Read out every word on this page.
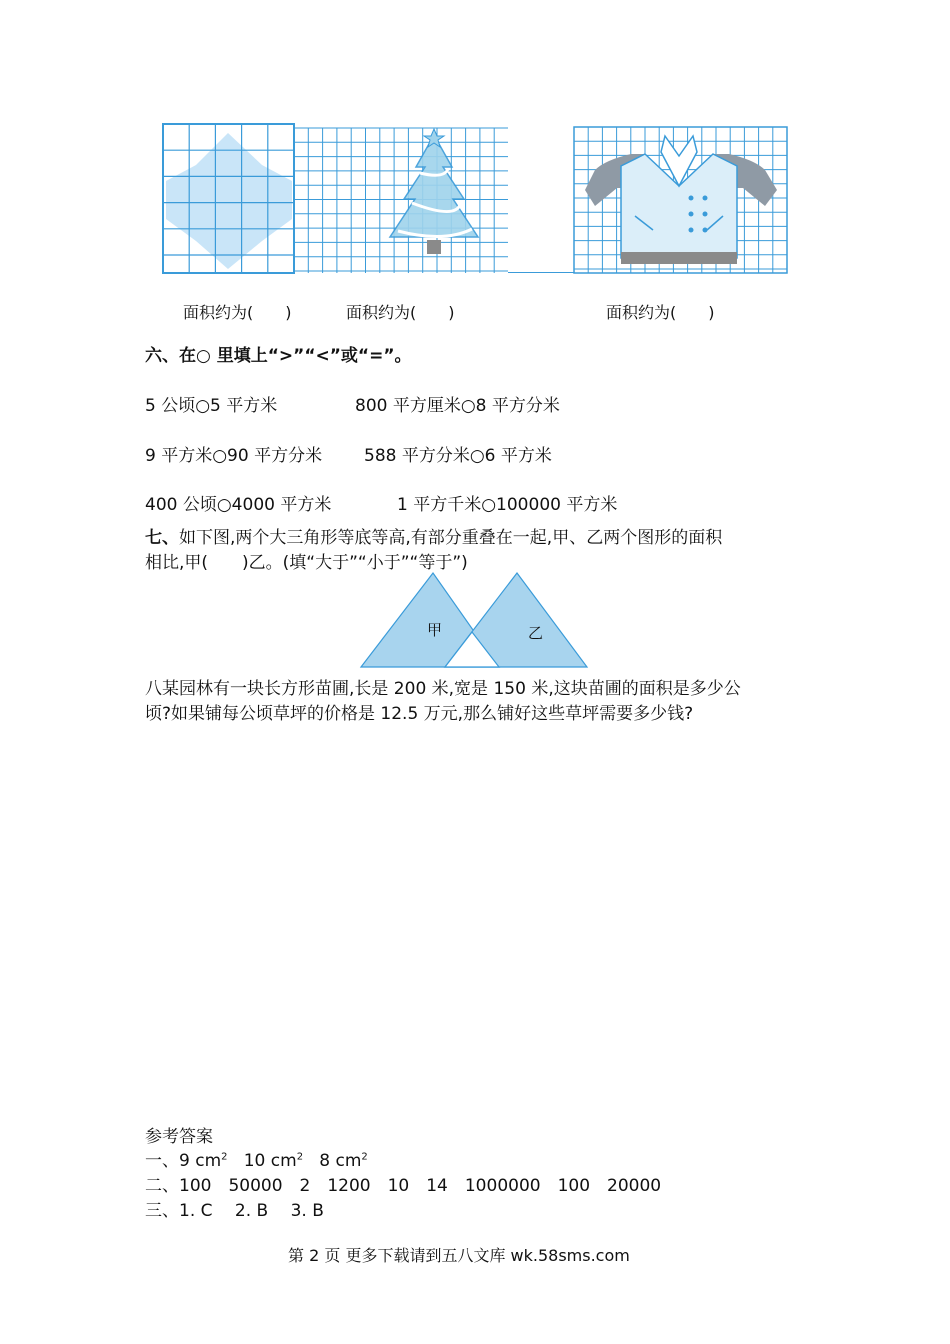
面积约为(　　)	面积约为(　　)	面积约为(　　)
六、在○ 里填上“>”“<”或“=”。
5 公顷○5 平方米	800 平方厘米○8 平方分米
9 平方米○90 平方分米 588 平方分米○6 平方米
400 公顷○4000 平方米	1 平方千米○100000 平方米
七、如下图,两个大三角形等底等高,有部分重叠在一起,甲、乙两个图形的面积
相比,甲(　　)乙。(填“大于”“小于”“等于”)
甲	乙
八某园林有一块长方形苗圃,长是 200 米,宽是 150 米,这块苗圃的面积是多少公
顷?如果铺每公顷草坪的价格是 12.5 万元,那么铺好这些草坪需要多少钱?
参考答案
一、9 $cm^2$ 10 $cm^2$ 8 $cm^2$
二、100　50000　2　1200　10　14　1000000　100　20000
三、1. C　 2. B　 3. B
第 2 页 更多下载请到五八文库 wk.58sms.com
